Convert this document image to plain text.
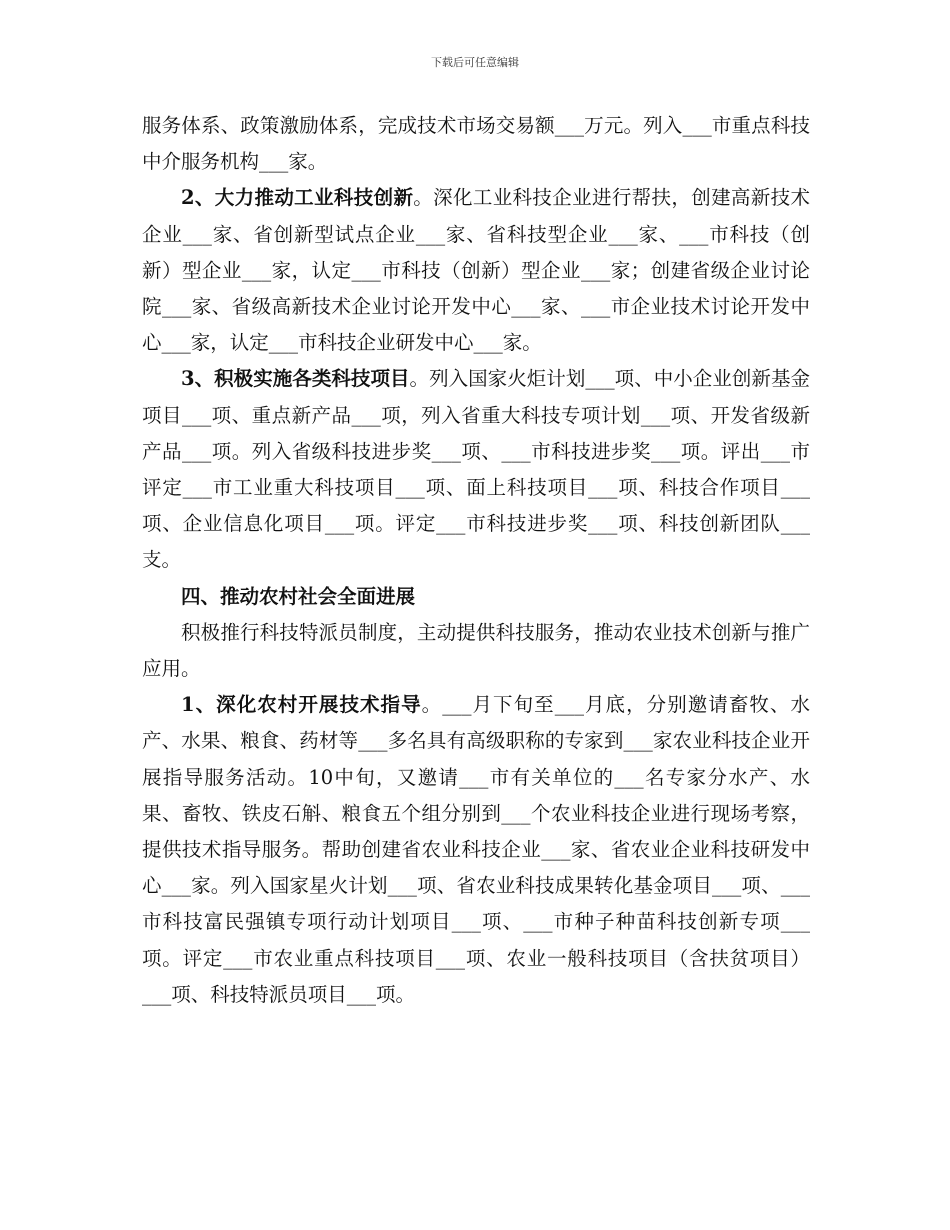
下载后可任意编辑

服务体系、政策激励体系，完成技术市场交易额___万元。列入___市重点科技中介服务机构___家。

2、大力推动工业科技创新。深化工业科技企业进行帮扶，创建高新技术企业___家、省创新型试点企业___家、省科技型企业___家、___市科技（创新）型企业___家，认定___市科技（创新）型企业___家；创建省级企业讨论院___家、省级高新技术企业讨论开发中心___家、___市企业技术讨论开发中心___家，认定___市科技企业研发中心___家。

3、积极实施各类科技项目。列入国家火炬计划___项、中小企业创新基金项目___项、重点新产品___项，列入省重大科技专项计划___项、开发省级新产品___项。列入省级科技进步奖___项、___市科技进步奖___项。评出___市评定___市工业重大科技项目___项、面上科技项目___项、科技合作项目___项、企业信息化项目___项。评定___市科技进步奖___项、科技创新团队___支。

四、推动农村社会全面进展

积极推行科技特派员制度，主动提供科技服务，推动农业技术创新与推广应用。

1、深化农村开展技术指导。___月下旬至___月底，分别邀请畜牧、水产、水果、粮食、药材等___多名具有高级职称的专家到___家农业科技企业开展指导服务活动。10中旬，又邀请___市有关单位的___名专家分水产、水果、畜牧、铁皮石斛、粮食五个组分别到___个农业科技企业进行现场考察，提供技术指导服务。帮助创建省农业科技企业___家、省农业企业科技研发中心___家。列入国家星火计划___项、省农业科技成果转化基金项目___项、___市科技富民强镇专项行动计划项目___项、___市种子种苗科技创新专项___项。评定___市农业重点科技项目___项、农业一般科技项目（含扶贫项目）___项、科技特派员项目___项。
